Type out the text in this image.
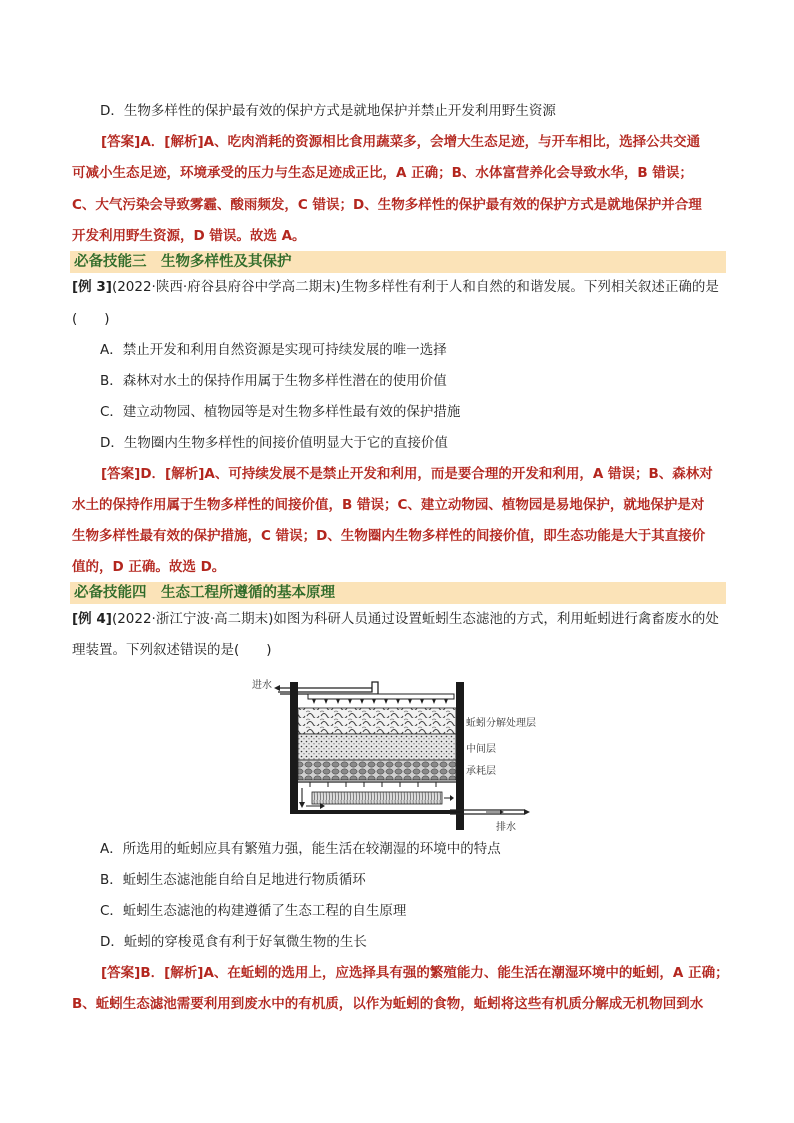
D．生物多样性的保护最有效的保护方式是就地保护并禁止开发利用野生资源
[答案]A．[解析]A、吃肉消耗的资源相比食用蔬菜多，会增大生态足迹，与开车相比，选择公共交通
可减小生态足迹，环境承受的压力与生态足迹成正比，A 正确；B、水体富营养化会导致水华，B 错误；
C、大气污染会导致雾霾、酸雨频发，C 错误；D、生物多样性的保护最有效的保护方式是就地保护并合理
开发利用野生资源，D 错误。故选 A。
必备技能三　生物多样性及其保护
[例 3](2022·陕西·府谷县府谷中学高二期末)生物多样性有利于人和自然的和谐发展。下列相关叙述正确的是
(　　)
A．禁止开发和利用自然资源是实现可持续发展的唯一选择
B．森林对水土的保持作用属于生物多样性潜在的使用价值
C．建立动物园、植物园等是对生物多样性最有效的保护措施
D．生物圈内生物多样性的间接价值明显大于它的直接价值
[答案]D．[解析]A、可持续发展不是禁止开发和利用，而是要合理的开发和利用，A 错误；B、森林对
水土的保持作用属于生物多样性的间接价值，B 错误；C、建立动物园、植物园是易地保护，就地保护是对
生物多样性最有效的保护措施，C 错误；D、生物圈内生物多样性的间接价值，即生态功能是大于其直接价
值的，D 正确。故选 D。
必备技能四　生态工程所遵循的基本原理
[例 4](2022·浙江宁波·高二期末)如图为科研人员通过设置蚯蚓生态滤池的方式，利用蚯蚓进行禽畜废水的处
理装置。下列叙述错误的是(　　)
进水
排水
蚯蚓分解处理层
中间层
承耗层
A．所选用的蚯蚓应具有繁殖力强，能生活在较潮湿的环境中的特点
B．蚯蚓生态滤池能自给自足地进行物质循环
C．蚯蚓生态滤池的构建遵循了生态工程的自生原理
D．蚯蚓的穿梭觅食有利于好氧微生物的生长
[答案]B．[解析]A、在蚯蚓的选用上，应选择具有强的繁殖能力、能生活在潮湿环境中的蚯蚓，A 正确；
B、蚯蚓生态滤池需要利用到废水中的有机质，以作为蚯蚓的食物，蚯蚓将这些有机质分解成无机物回到水
